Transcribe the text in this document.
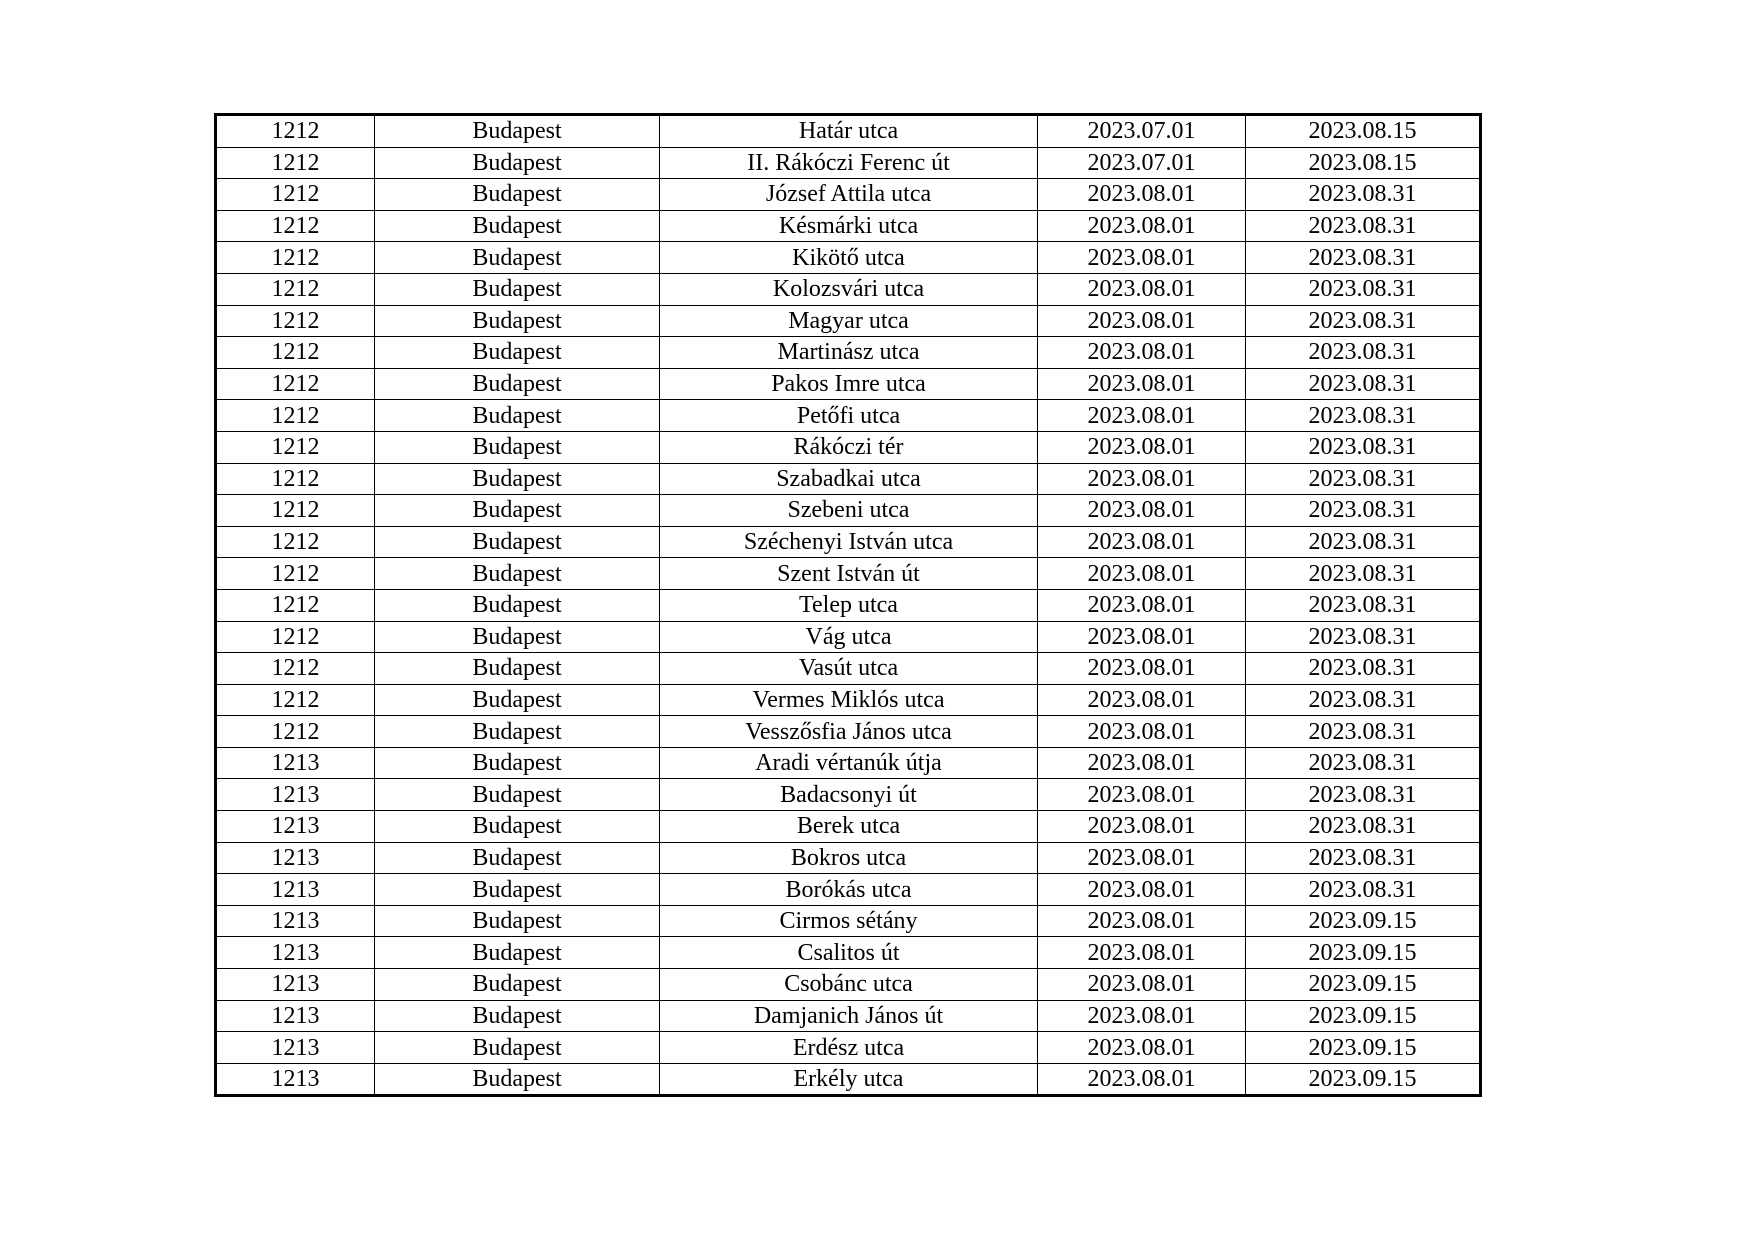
1212	Budapest	Határ utca	2023.07.01	2023.08.15
1212	Budapest	II. Rákóczi Ferenc út	2023.07.01	2023.08.15
1212	Budapest	József Attila utca	2023.08.01	2023.08.31
1212	Budapest	Késmárki utca	2023.08.01	2023.08.31
1212	Budapest	Kikötő utca	2023.08.01	2023.08.31
1212	Budapest	Kolozsvári utca	2023.08.01	2023.08.31
1212	Budapest	Magyar utca	2023.08.01	2023.08.31
1212	Budapest	Martinász utca	2023.08.01	2023.08.31
1212	Budapest	Pakos Imre utca	2023.08.01	2023.08.31
1212	Budapest	Petőfi utca	2023.08.01	2023.08.31
1212	Budapest	Rákóczi tér	2023.08.01	2023.08.31
1212	Budapest	Szabadkai utca	2023.08.01	2023.08.31
1212	Budapest	Szebeni utca	2023.08.01	2023.08.31
1212	Budapest	Széchenyi István utca	2023.08.01	2023.08.31
1212	Budapest	Szent István út	2023.08.01	2023.08.31
1212	Budapest	Telep utca	2023.08.01	2023.08.31
1212	Budapest	Vág utca	2023.08.01	2023.08.31
1212	Budapest	Vasút utca	2023.08.01	2023.08.31
1212	Budapest	Vermes Miklós utca	2023.08.01	2023.08.31
1212	Budapest	Vesszősfia János utca	2023.08.01	2023.08.31
1213	Budapest	Aradi vértanúk útja	2023.08.01	2023.08.31
1213	Budapest	Badacsonyi út	2023.08.01	2023.08.31
1213	Budapest	Berek utca	2023.08.01	2023.08.31
1213	Budapest	Bokros utca	2023.08.01	2023.08.31
1213	Budapest	Borókás utca	2023.08.01	2023.08.31
1213	Budapest	Cirmos sétány	2023.08.01	2023.09.15
1213	Budapest	Csalitos út	2023.08.01	2023.09.15
1213	Budapest	Csobánc utca	2023.08.01	2023.09.15
1213	Budapest	Damjanich János út	2023.08.01	2023.09.15
1213	Budapest	Erdész utca	2023.08.01	2023.09.15
1213	Budapest	Erkély utca	2023.08.01	2023.09.15
